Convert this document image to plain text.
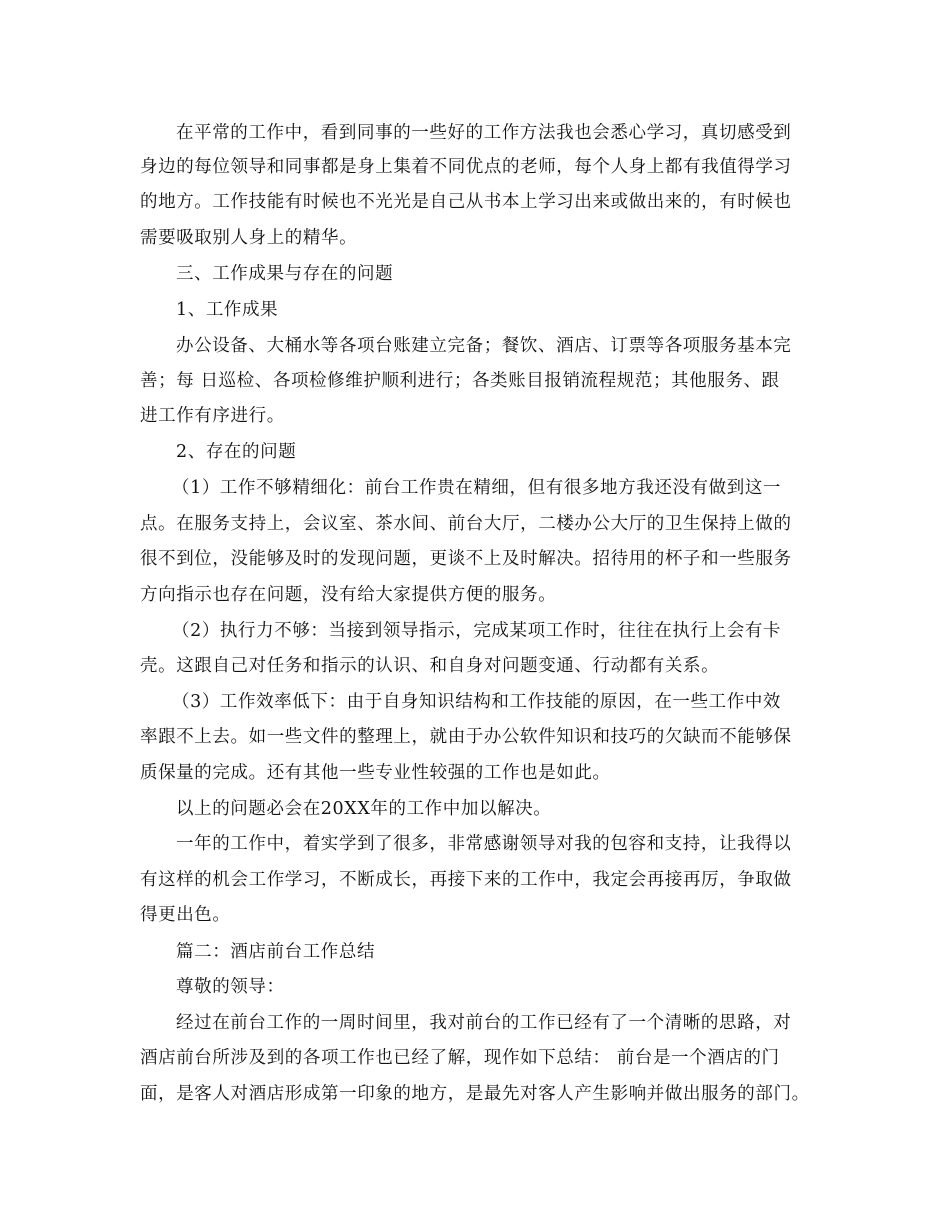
在平常的工作中，看到同事的一些好的工作方法我也会悉心学习，真切感受到
身边的每位领导和同事都是身上集着不同优点的老师，每个人身上都有我值得学习
的地方。工作技能有时候也不光光是自己从书本上学习出来或做出来的，有时候也
需要吸取别人身上的精华。
三、工作成果与存在的问题
1、工作成果
办公设备、大桶水等各项台账建立完备；餐饮、酒店、订票等各项服务基本完
善；每 日巡检、各项检修维护顺利进行；各类账目报销流程规范；其他服务、跟
进工作有序进行。
2、存在的问题
（1）工作不够精细化：前台工作贵在精细，但有很多地方我还没有做到这一
点。在服务支持上，会议室、茶水间、前台大厅，二楼办公大厅的卫生保持上做的
很不到位，没能够及时的发现问题，更谈不上及时解决。招待用的杯子和一些服务
方向指示也存在问题，没有给大家提供方便的服务。
（2）执行力不够：当接到领导指示，完成某项工作时，往往在执行上会有卡
壳。这跟自己对任务和指示的认识、和自身对问题变通、行动都有关系。
（3）工作效率低下：由于自身知识结构和工作技能的原因，在一些工作中效
率跟不上去。如一些文件的整理上，就由于办公软件知识和技巧的欠缺而不能够保
质保量的完成。还有其他一些专业性较强的工作也是如此。
以上的问题必会在20XX年的工作中加以解决。
一年的工作中，着实学到了很多，非常感谢领导对我的包容和支持，让我得以
有这样的机会工作学习，不断成长，再接下来的工作中，我定会再接再厉，争取做
得更出色。
篇二：酒店前台工作总结
尊敬的领导：
经过在前台工作的一周时间里，我对前台的工作已经有了一个清晰的思路，对
酒店前台所涉及到的各项工作也已经了解，现作如下总结： 前台是一个酒店的门
面，是客人对酒店形成第一印象的地方，是最先对客人产生影响并做出服务的部门。
